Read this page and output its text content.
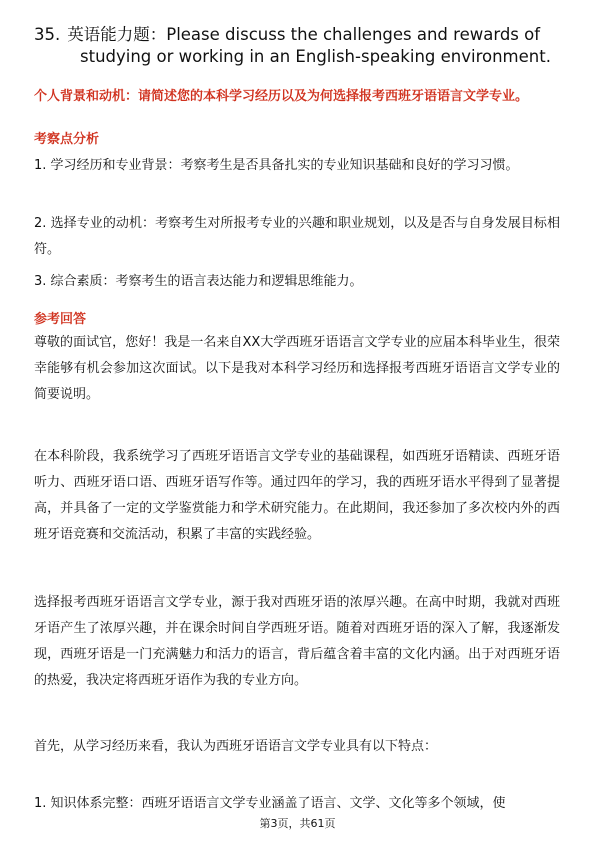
35. 英语能力题：Please discuss the challenges and rewards of
studying or working in an English-speaking environment.
个人背景和动机：请简述您的本科学习经历以及为何选择报考西班牙语语言文学专业。
考察点分析
1. 学习经历和专业背景：考察考生是否具备扎实的专业知识基础和良好的学习习惯。
2. 选择专业的动机：考察考生对所报考专业的兴趣和职业规划，以及是否与自身发展目标相符。
3. 综合素质：考察考生的语言表达能力和逻辑思维能力。
参考回答
尊敬的面试官，您好！我是一名来自XX大学西班牙语语言文学专业的应届本科毕业生，很荣幸能够有机会参加这次面试。以下是我对本科学习经历和选择报考西班牙语语言文学专业的简要说明。
在本科阶段，我系统学习了西班牙语语言文学专业的基础课程，如西班牙语精读、西班牙语听力、西班牙语口语、西班牙语写作等。通过四年的学习，我的西班牙语水平得到了显著提高，并具备了一定的文学鉴赏能力和学术研究能力。在此期间，我还参加了多次校内外的西班牙语竞赛和交流活动，积累了丰富的实践经验。
选择报考西班牙语语言文学专业，源于我对西班牙语的浓厚兴趣。在高中时期，我就对西班牙语产生了浓厚兴趣，并在课余时间自学西班牙语。随着对西班牙语的深入了解，我逐渐发现，西班牙语是一门充满魅力和活力的语言，背后蕴含着丰富的文化内涵。出于对西班牙语的热爱，我决定将西班牙语作为我的专业方向。
首先，从学习经历来看，我认为西班牙语语言文学专业具有以下特点：
1. 知识体系完整：西班牙语语言文学专业涵盖了语言、文学、文化等多个领域，使
第3页，共61页
